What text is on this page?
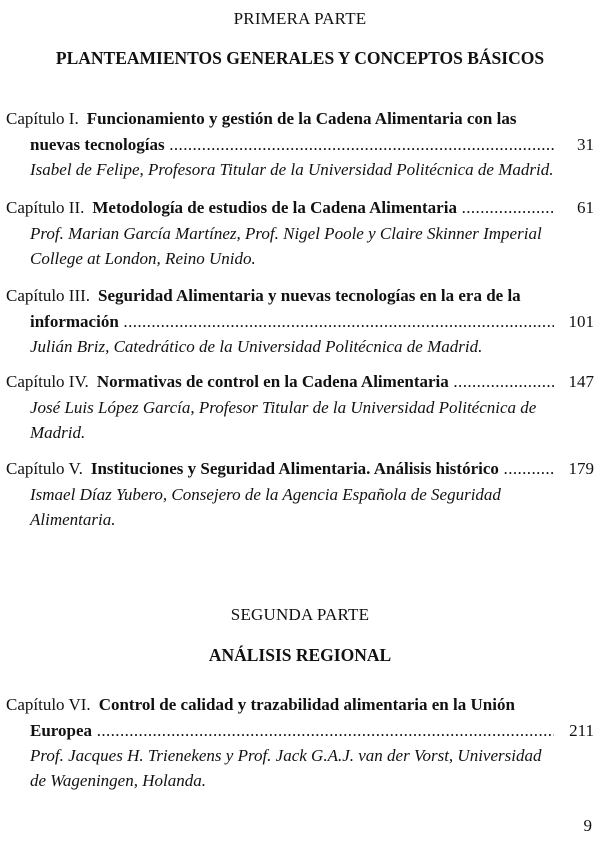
PRIMERA PARTE
PLANTEAMIENTOS GENERALES Y CONCEPTOS BÁSICOS
Capítulo I. Funcionamiento y gestión de la Cadena Alimentaria con las
nuevas tecnologías .....	31
Isabel de Felipe, Profesora Titular de la Universidad Politécnica de Madrid.
Capítulo II. Metodología de estudios de la Cadena Alimentaria .....	61
Prof. Marian García Martínez, Prof. Nigel Poole y Claire Skinner Imperial
College at London, Reino Unido.
Capítulo III. Seguridad Alimentaria y nuevas tecnologías en la era de la
información .....	101
Julián Briz, Catedrático de la Universidad Politécnica de Madrid.
Capítulo IV. Normativas de control en la Cadena Alimentaria .....	147
José Luis López García, Profesor Titular de la Universidad Politécnica de
Madrid.
Capítulo V. Instituciones y Seguridad Alimentaria. Análisis histórico .....	179
Ismael Díaz Yubero, Consejero de la Agencia Española de Seguridad
Alimentaria.
SEGUNDA PARTE
ANÁLISIS REGIONAL
Capítulo VI. Control de calidad y trazabilidad alimentaria en la Unión
Europea .....	211
Prof. Jacques H. Trienekens y Prof. Jack G.A.J. van der Vorst, Universidad
de Wageningen, Holanda.
9
